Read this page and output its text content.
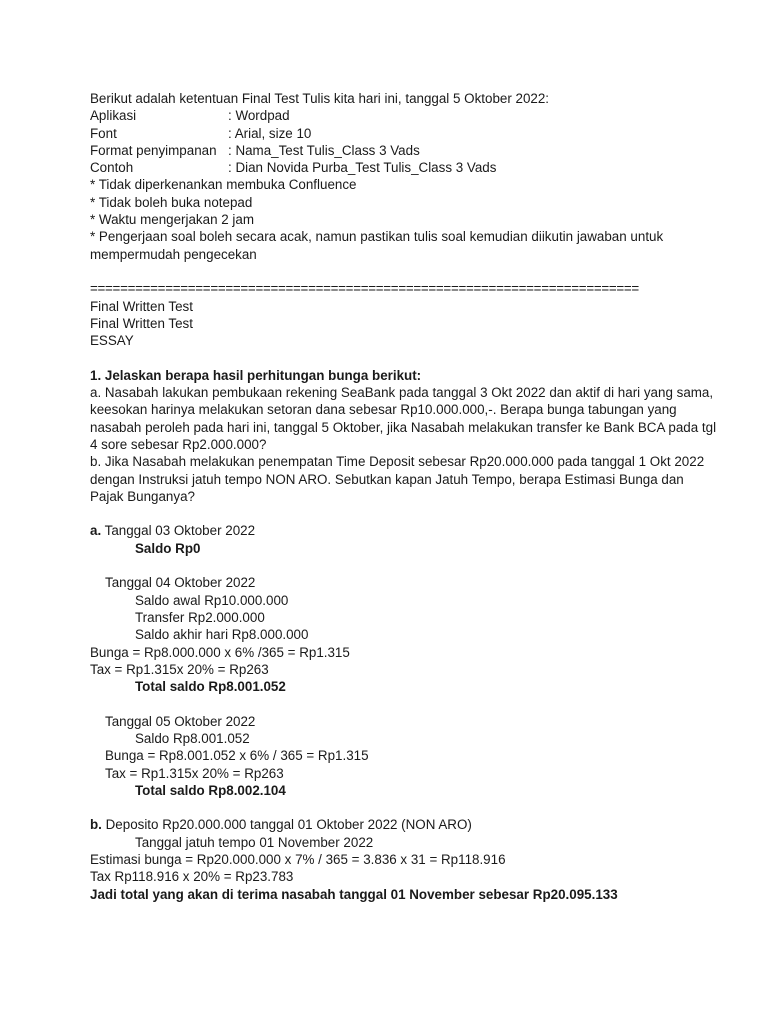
Berikut adalah ketentuan Final Test Tulis kita hari ini, tanggal 5 Oktober 2022:
Aplikasi	: Wordpad
Font	: Arial, size 10
Format penyimpanan : Nama_Test Tulis_Class 3 Vads
Contoh	: Dian Novida Purba_Test Tulis_Class 3 Vads
* Tidak diperkenankan membuka Confluence
* Tidak boleh buka notepad
* Waktu mengerjakan 2 jam
* Pengerjaan soal boleh secara acak, namun pastikan tulis soal kemudian diikutin jawaban untuk
mempermudah pengecekan
=========================================================================
Final Written Test
Final Written Test
ESSAY
1. Jelaskan berapa hasil perhitungan bunga berikut:
a. Nasabah lakukan pembukaan rekening SeaBank pada tanggal 3 Okt 2022 dan aktif di hari yang sama,
keesokan harinya melakukan setoran dana sebesar Rp10.000.000,-. Berapa bunga tabungan yang
nasabah peroleh pada hari ini, tanggal 5 Oktober, jika Nasabah melakukan transfer ke Bank BCA pada tgl
4 sore sebesar Rp2.000.000?
b. Jika Nasabah melakukan penempatan Time Deposit sebesar Rp20.000.000 pada tanggal 1 Okt 2022
dengan Instruksi jatuh tempo NON ARO. Sebutkan kapan Jatuh Tempo, berapa Estimasi Bunga dan
Pajak Bunganya?
a. Tanggal 03 Oktober 2022
Saldo Rp0
Tanggal 04 Oktober 2022
Saldo awal Rp10.000.000
Transfer Rp2.000.000
Saldo akhir hari Rp8.000.000
Bunga = Rp8.000.000 x 6% /365 = Rp1.315
Tax = Rp1.315x 20% = Rp263
Total saldo Rp8.001.052
Tanggal 05 Oktober 2022
Saldo Rp8.001.052
Bunga = Rp8.001.052 x 6% / 365 = Rp1.315
Tax = Rp1.315x 20% = Rp263
Total saldo Rp8.002.104
b. Deposito Rp20.000.000 tanggal 01 Oktober 2022 (NON ARO)
Tanggal jatuh tempo 01 November 2022
Estimasi bunga = Rp20.000.000 x 7% / 365 = 3.836 x 31 = Rp118.916
Tax Rp118.916 x 20% = Rp23.783
Jadi total yang akan di terima nasabah tanggal 01 November sebesar Rp20.095.133
